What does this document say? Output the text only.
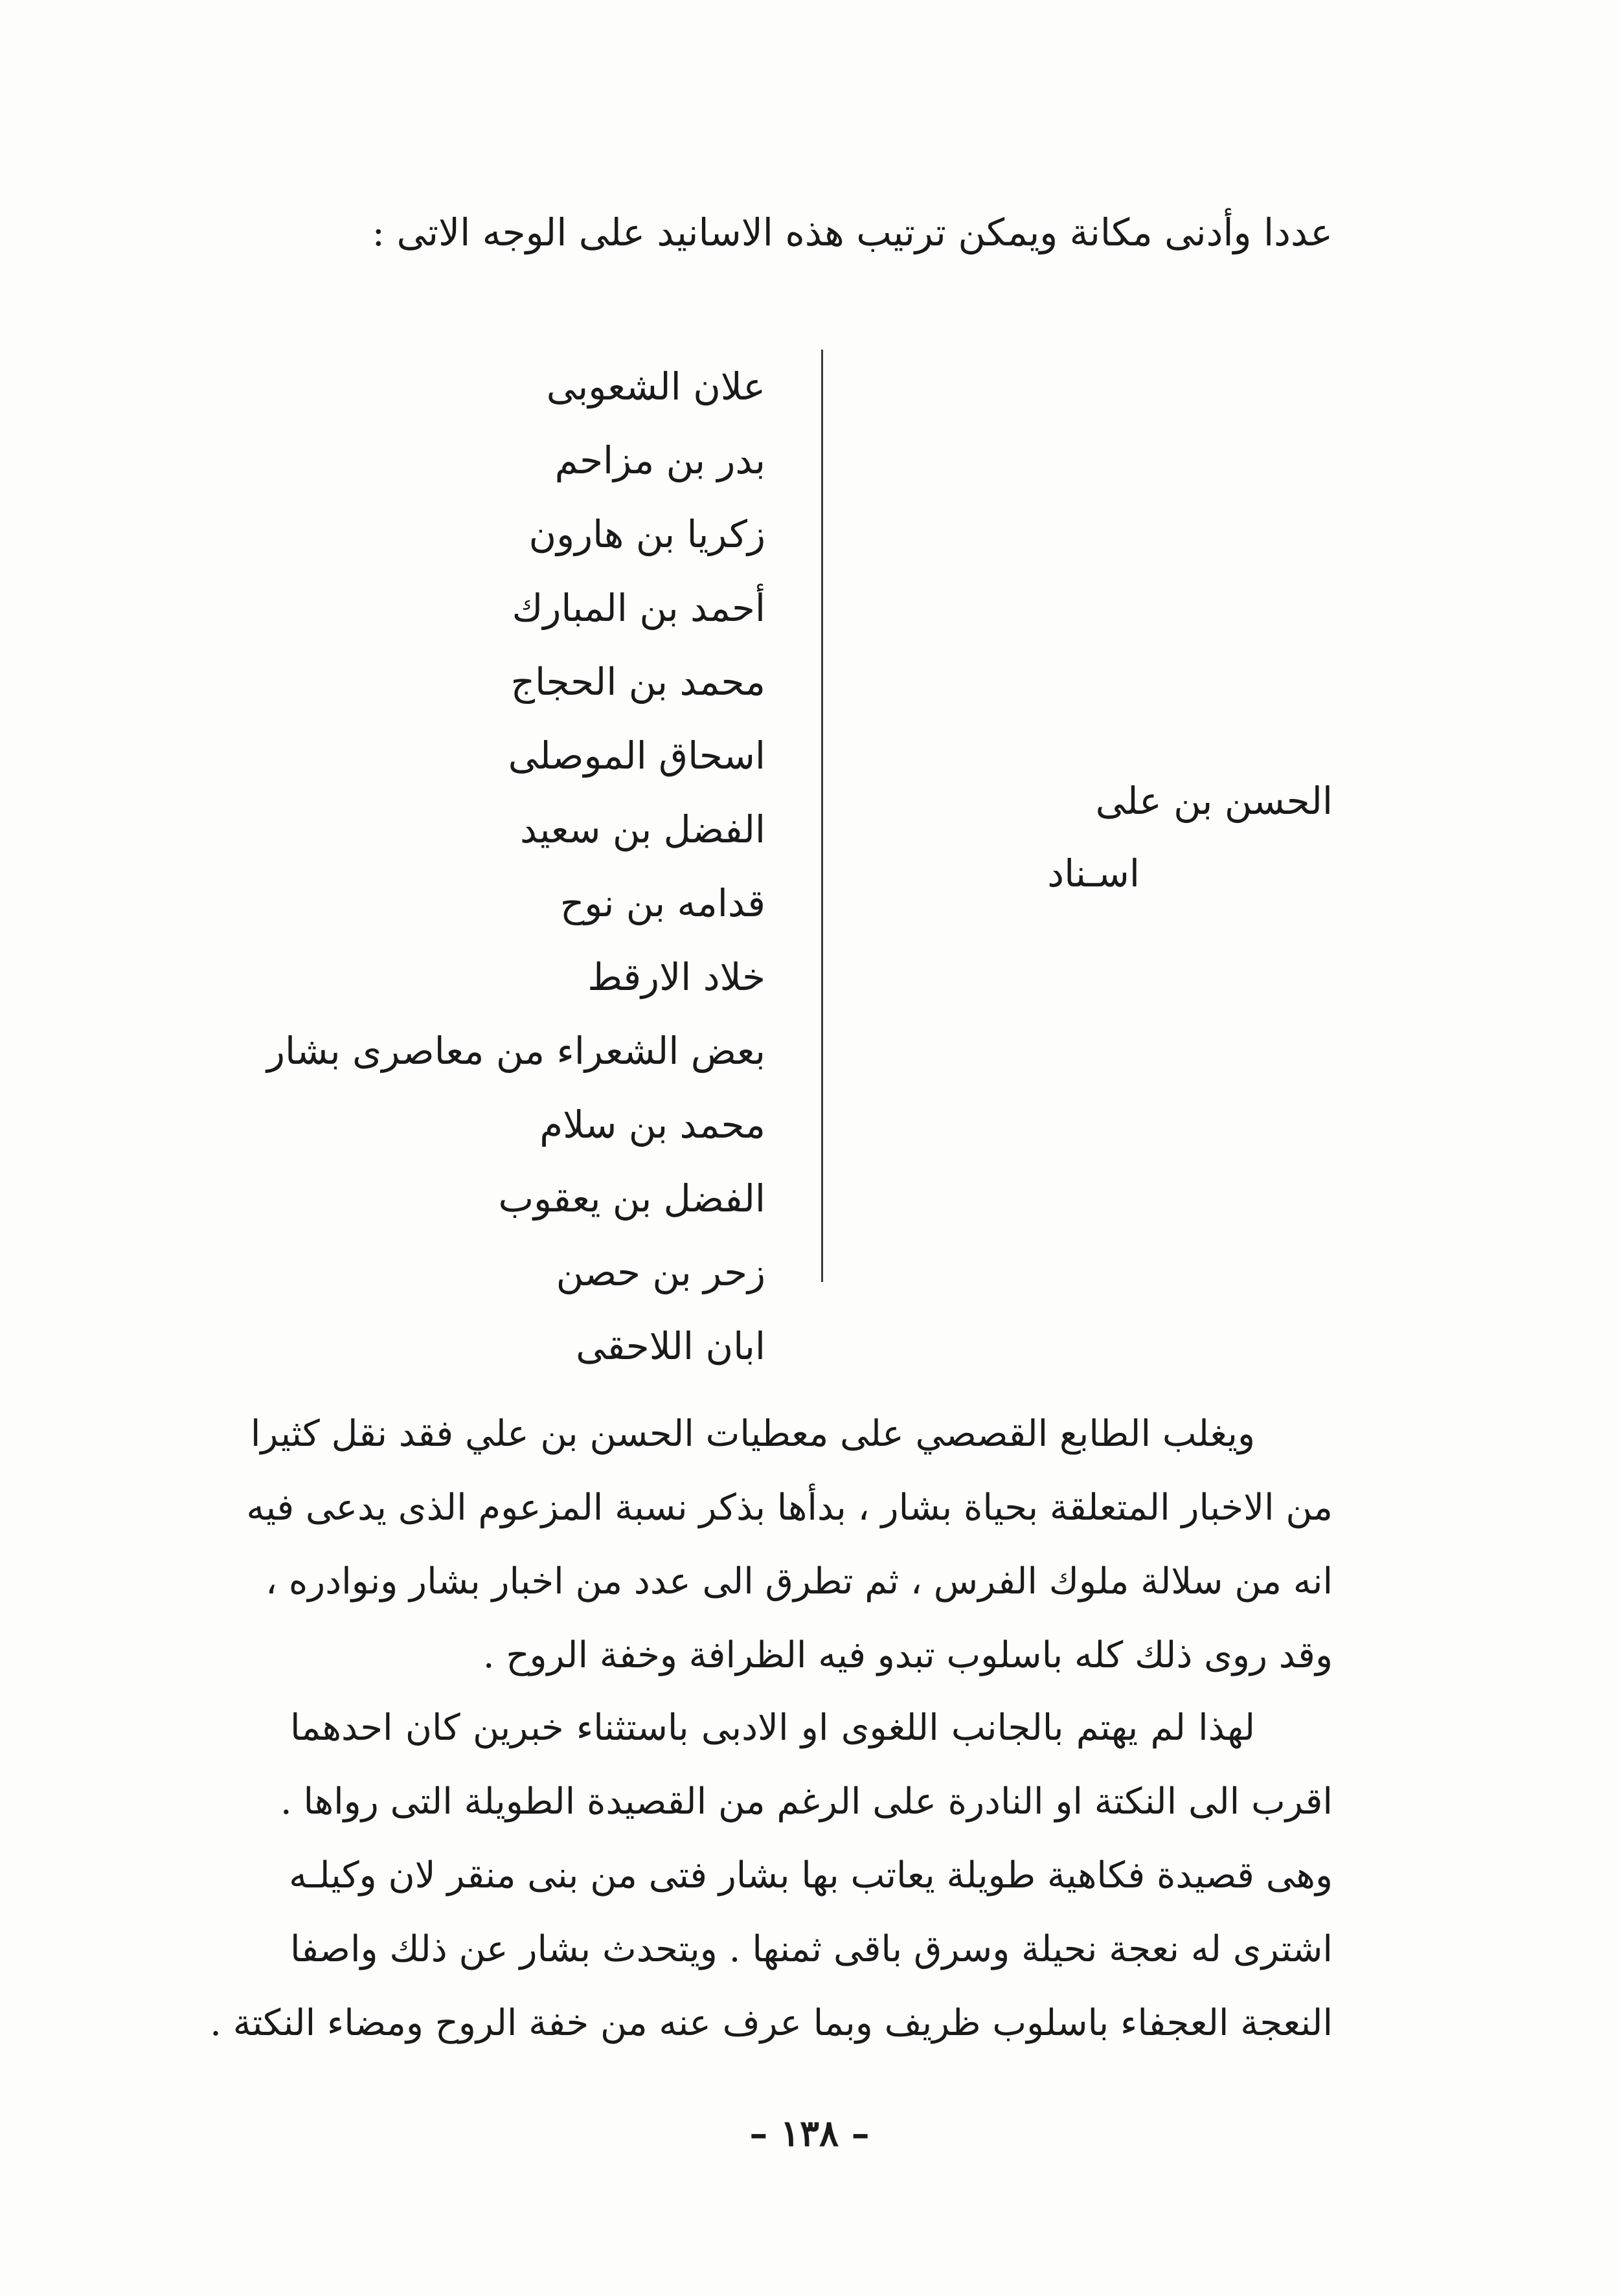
عددا وأدنى مكانة ويمكن ترتيب هذه الاسانيد على الوجه الاتى :
علان الشعوبى
بدر بن مزاحم
زكريا بن هارون
أحمد بن المبارك
محمد بن الحجاج
اسحاق الموصلى
الفضل بن سعيد
قدامه بن نوح
خلاد الارقط
بعض الشعراء من معاصرى بشار
محمد بن سلام
الفضل بن يعقوب
زحر بن حصن
ابان اللاحقى
الحسن بن على
اسـناد

ويغلب الطابع القصصي على معطيات الحسن بن علي فقد نقل كثيرا
من الاخبار المتعلقة بحياة بشار ، بدأها بذكر نسبة المزعوم الذى يدعى فيه
انه من سلالة ملوك الفرس ، ثم تطرق الى عدد من اخبار بشار ونوادره ،
وقد روى ذلك كله باسلوب تبدو فيه الظرافة وخفة الروح .

لهذا لم يهتم بالجانب اللغوى او الادبى باستثناء خبرين كان احدهما
اقرب الى النكتة او النادرة على الرغم من القصيدة الطويلة التى رواها .
وهى قصيدة فكاهية طويلة يعاتب بها بشار فتى من بنى منقر لان وكيلـه
اشترى له نعجة نحيلة وسرق باقى ثمنها . ويتحدث بشار عن ذلك واصفا
النعجة العجفاء باسلوب ظريف وبما عرف عنه من خفة الروح ومضاء النكتة .

– ١٣٨ –
